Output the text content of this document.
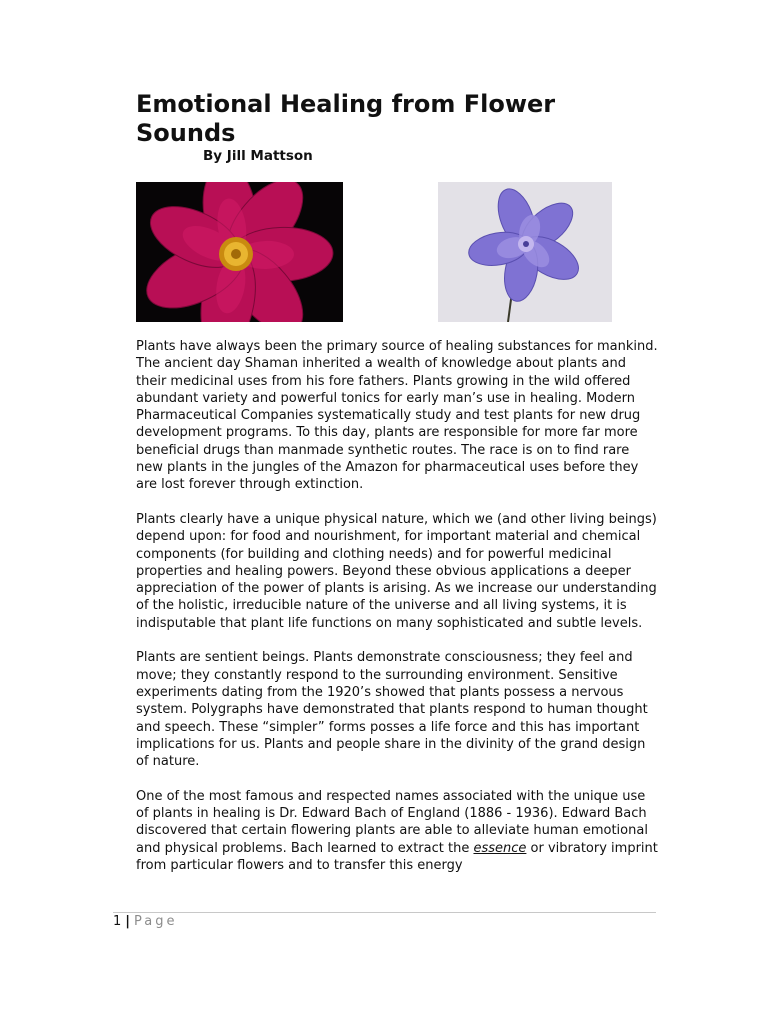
Emotional Healing from Flower Sounds

By Jill Mattson

Plants have always been the primary source of healing substances for mankind. The ancient day Shaman inherited a wealth of knowledge about plants and their medicinal uses from his fore fathers. Plants growing in the wild offered abundant variety and powerful tonics for early man’s use in healing. Modern Pharmaceutical Companies systematically study and test plants for new drug development programs. To this day, plants are responsible for more far more beneficial drugs than manmade synthetic routes. The race is on to find rare new plants in the jungles of the Amazon for pharmaceutical uses before they are lost forever through extinction.

Plants clearly have a unique physical nature, which we (and other living beings) depend upon: for food and nourishment, for important material and chemical components (for building and clothing needs) and for powerful medicinal properties and healing powers. Beyond these obvious applications a deeper appreciation of the power of plants is arising. As we increase our understanding of the holistic, irreducible nature of the universe and all living systems, it is indisputable that plant life functions on many sophisticated and subtle levels.

Plants are sentient beings. Plants demonstrate consciousness; they feel and move; they constantly respond to the surrounding environment. Sensitive experiments dating from the 1920’s showed that plants possess a nervous system. Polygraphs have demonstrated that plants respond to human thought and speech. These “simpler” forms posses a life force and this has important implications for us. Plants and people share in the divinity of the grand design of nature.

One of the most famous and respected names associated with the unique use of plants in healing is Dr. Edward Bach of England (1886 - 1936). Edward Bach discovered that certain flowering plants are able to alleviate human emotional and physical problems. Bach learned to extract the essence or vibratory imprint from particular flowers and to transfer this energy

1 | Page
